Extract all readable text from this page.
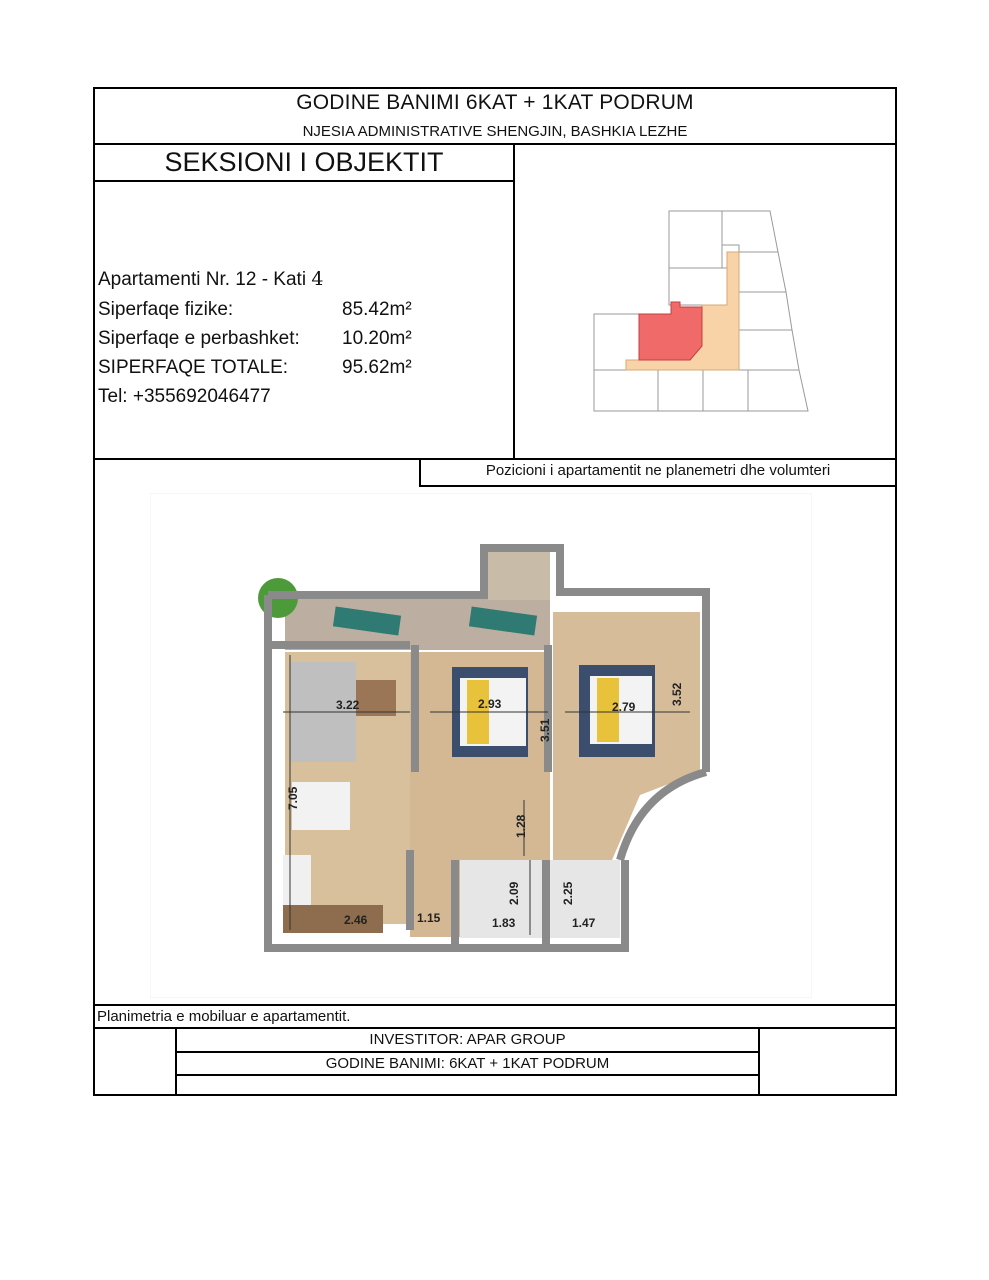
GODINE BANIMI 6KAT + 1KAT PODRUM
NJESIA ADMINISTRATIVE SHENGJIN, BASHKIA LEZHE
SEKSIONI I OBJEKTIT
Apartamenti Nr. 12 - Kati 4
Siperfaqe fizike:	85.42m²
Siperfaqe e perbashket: 10.20m²
SIPERFAQE TOTALE:	95.62m²
Tel: +355692046477
Pozicioni i apartamentit ne planemetri dhe volumteri
3.22	2.93
3.51
2.79
3.52
7.05
1.28
2.09	2.25
2.46	1.15	1.83	1.47
Planimetria e mobiluar e apartamentit.
INVESTITOR: APAR GROUP
GODINE BANIMI: 6KAT + 1KAT PODRUM
